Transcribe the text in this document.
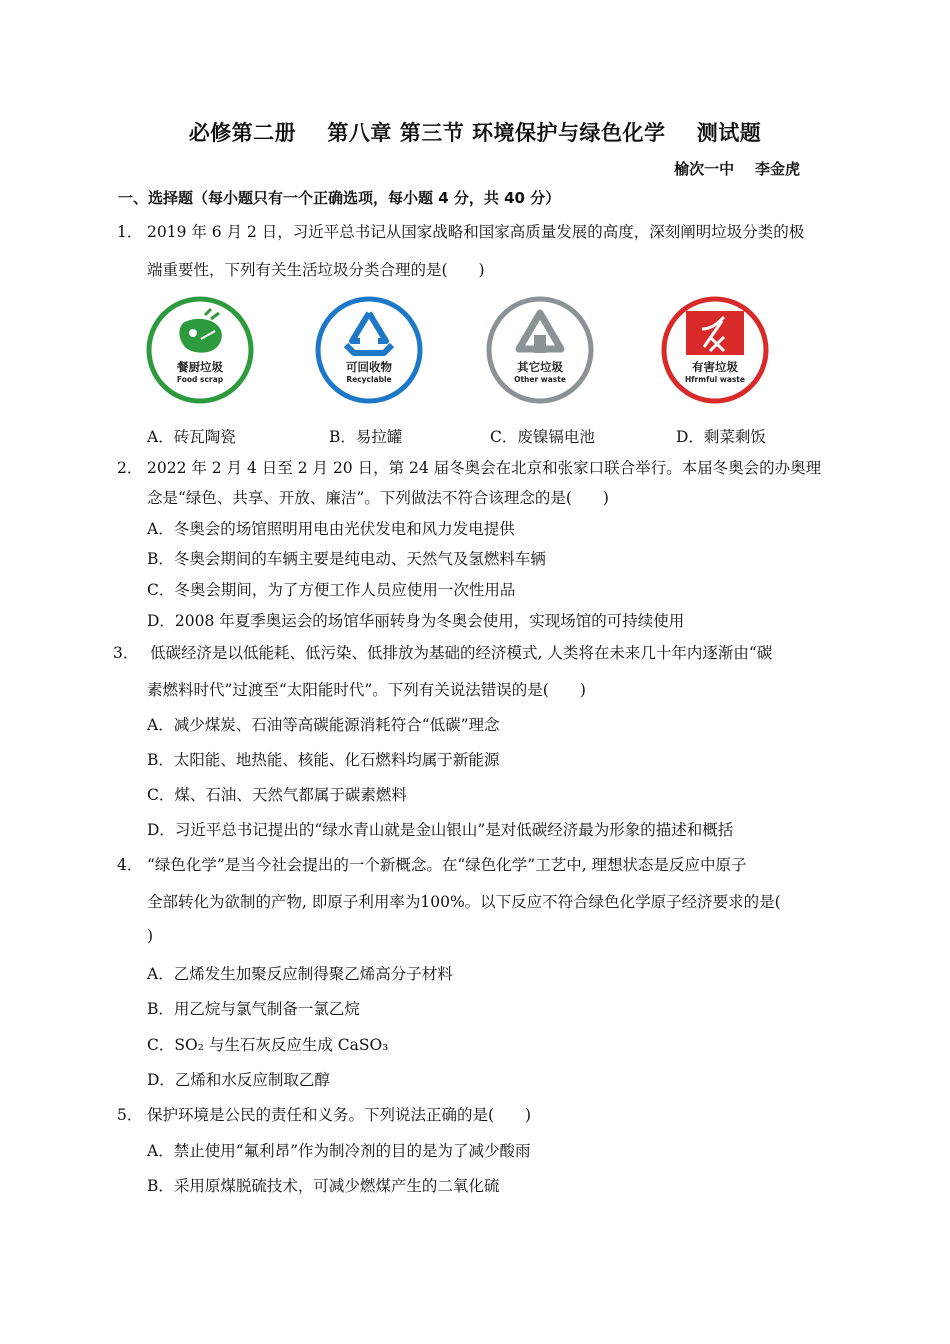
必修第二册    第八章 第三节 环境保护与绿色化学    测试题
榆次一中    李金虎
一、选择题（每小题只有一个正确选项，每小题 4 分，共 40 分）
1． 2019 年 6 月 2 日，习近平总书记从国家战略和国家高质量发展的高度，深刻阐明垃圾分类的极
端重要性，下列有关生活垃圾分类合理的是(　　)
餐厨垃圾
Food scrap
可回收物
Recyclable
其它垃圾
Other waste
有害垃圾
Hfrmful waste
A．砖瓦陶瓷	B．易拉罐	C．废镍镉电池	D．剩菜剩饭
2． 2022 年 2 月 4 日至 2 月 20 日，第 24 届冬奥会在北京和张家口联合举行。本届冬奥会的办奥理
念是“绿色、共享、开放、廉洁”。下列做法不符合该理念的是(　　)
A．冬奥会的场馆照明用电由光伏发电和风力发电提供
B．冬奥会期间的车辆主要是纯电动、天然气及氢燃料车辆
C．冬奥会期间，为了方便工作人员应使用一次性用品
D．2008 年夏季奥运会的场馆华丽转身为冬奥会使用，实现场馆的可持续使用
3． 低碳经济是以低能耗、低污染、低排放为基础的经济模式, 人类将在未来几十年内逐渐由“碳
素燃料时代”过渡至“太阳能时代”。下列有关说法错误的是(　　)
A．减少煤炭、石油等高碳能源消耗符合“低碳”理念
B．太阳能、地热能、核能、化石燃料均属于新能源
C．煤、石油、天然气都属于碳素燃料
D．习近平总书记提出的“绿水青山就是金山银山”是对低碳经济最为形象的描述和概括
4． “绿色化学”是当今社会提出的一个新概念。在“绿色化学”工艺中, 理想状态是反应中原子
全部转化为欲制的产物, 即原子利用率为100%。以下反应不符合绿色化学原子经济要求的是(
)
A．乙烯发生加聚反应制得聚乙烯高分子材料
B．用乙烷与氯气制备一氯乙烷
C．SO₂ 与生石灰反应生成 CaSO₃
D．乙烯和水反应制取乙醇
5． 保护环境是公民的责任和义务。下列说法正确的是(　　)
A．禁止使用“氟利昂”作为制冷剂的目的是为了减少酸雨
B．采用原煤脱硫技术，可减少燃煤产生的二氧化硫
